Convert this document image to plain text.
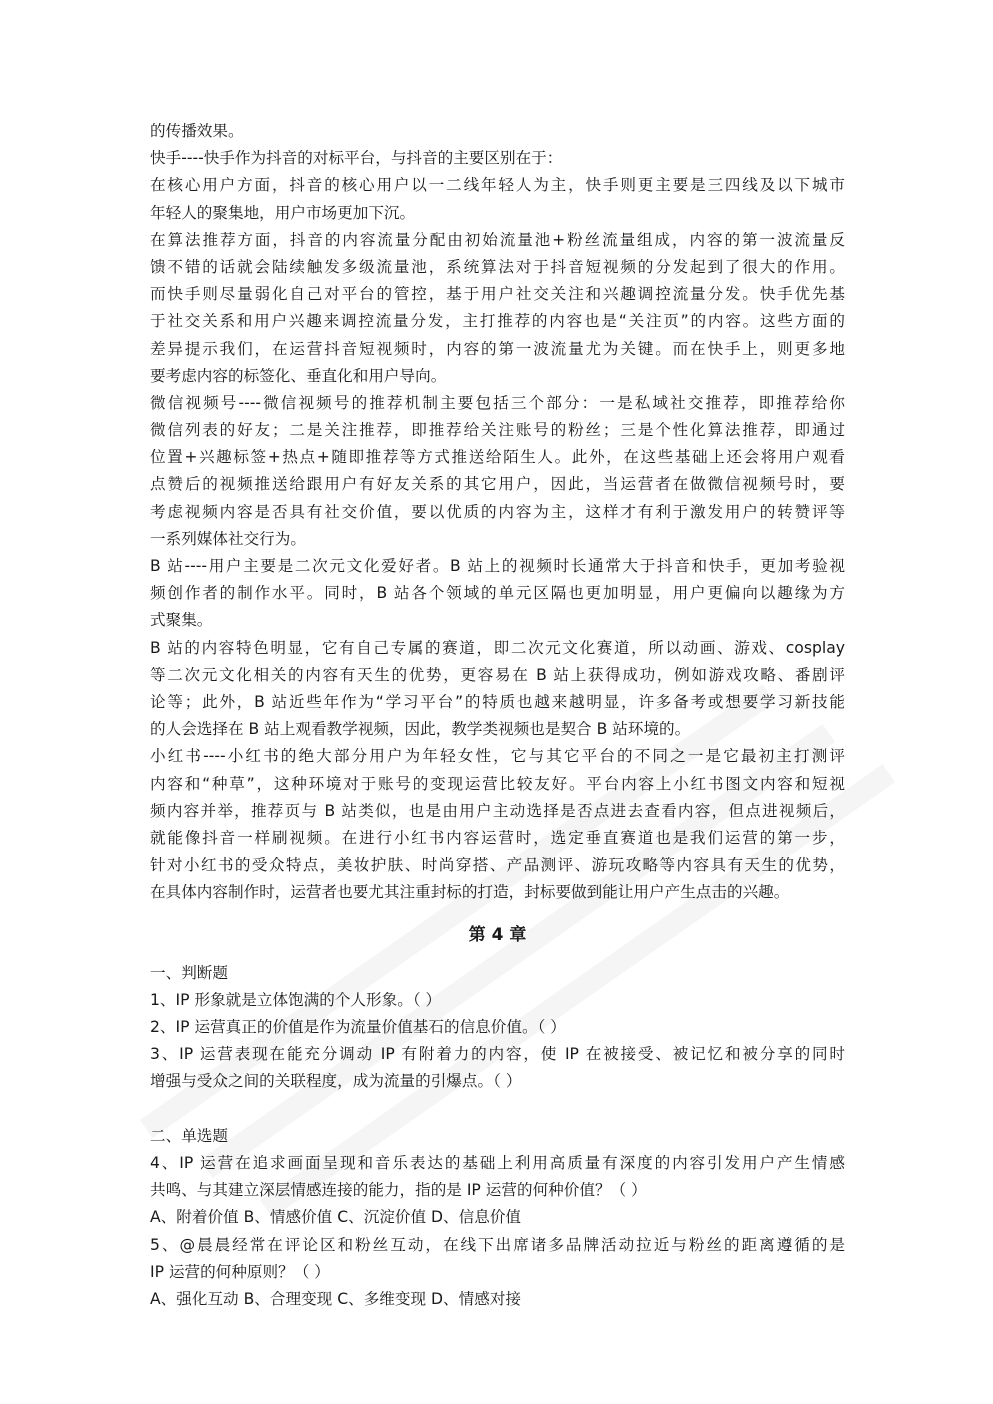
的传播效果。
快手----快手作为抖音的对标平台，与抖音的主要区别在于：
在核心用户方面，抖音的核心用户以一二线年轻人为主，快手则更主要是三四线及以下城市
年轻人的聚集地，用户市场更加下沉。
在算法推荐方面，抖音的内容流量分配由初始流量池+粉丝流量组成，内容的第一波流量反
馈不错的话就会陆续触发多级流量池，系统算法对于抖音短视频的分发起到了很大的作用。
而快手则尽量弱化自己对平台的管控，基于用户社交关注和兴趣调控流量分发。快手优先基
于社交关系和用户兴趣来调控流量分发，主打推荐的内容也是“关注页”的内容。这些方面的
差异提示我们，在运营抖音短视频时，内容的第一波流量尤为关键。而在快手上，则更多地
要考虑内容的标签化、垂直化和用户导向。
微信视频号----微信视频号的推荐机制主要包括三个部分：一是私域社交推荐，即推荐给你
微信列表的好友；二是关注推荐，即推荐给关注账号的粉丝；三是个性化算法推荐，即通过
位置+兴趣标签+热点+随即推荐等方式推送给陌生人。此外，在这些基础上还会将用户观看
点赞后的视频推送给跟用户有好友关系的其它用户，因此，当运营者在做微信视频号时，要
考虑视频内容是否具有社交价值，要以优质的内容为主，这样才有利于激发用户的转赞评等
一系列媒体社交行为。
B 站----用户主要是二次元文化爱好者。B 站上的视频时长通常大于抖音和快手，更加考验视
频创作者的制作水平。同时，B 站各个领域的单元区隔也更加明显，用户更偏向以趣缘为方
式聚集。
B 站的内容特色明显，它有自己专属的赛道，即二次元文化赛道，所以动画、游戏、cosplay
等二次元文化相关的内容有天生的优势，更容易在 B 站上获得成功，例如游戏攻略、番剧评
论等；此外，B 站近些年作为“学习平台”的特质也越来越明显，许多备考或想要学习新技能
的人会选择在 B 站上观看教学视频，因此，教学类视频也是契合 B 站环境的。
小红书----小红书的绝大部分用户为年轻女性，它与其它平台的不同之一是它最初主打测评
内容和“种草”，这种环境对于账号的变现运营比较友好。平台内容上小红书图文内容和短视
频内容并举，推荐页与 B 站类似，也是由用户主动选择是否点进去查看内容，但点进视频后，
就能像抖音一样刷视频。在进行小红书内容运营时，选定垂直赛道也是我们运营的第一步，
针对小红书的受众特点，美妆护肤、时尚穿搭、产品测评、游玩攻略等内容具有天生的优势，
在具体内容制作时，运营者也要尤其注重封标的打造，封标要做到能让用户产生点击的兴趣。
第 4 章
一、判断题
1、IP 形象就是立体饱满的个人形象。（ ）
2、IP 运营真正的价值是作为流量价值基石的信息价值。（ ）
3、IP 运营表现在能充分调动 IP 有附着力的内容，使 IP 在被接受、被记忆和被分享的同时
增强与受众之间的关联程度，成为流量的引爆点。（ ）
二、单选题
4、IP 运营在追求画面呈现和音乐表达的基础上利用高质量有深度的内容引发用户产生情感
共鸣、与其建立深层情感连接的能力，指的是 IP 运营的何种价值？（ ）
A、附着价值 B、情感价值 C、沉淀价值 D、信息价值
5、@晨晨经常在评论区和粉丝互动，在线下出席诸多品牌活动拉近与粉丝的距离遵循的是
IP 运营的何种原则？（ ）
A、强化互动 B、合理变现 C、多维变现 D、情感对接
